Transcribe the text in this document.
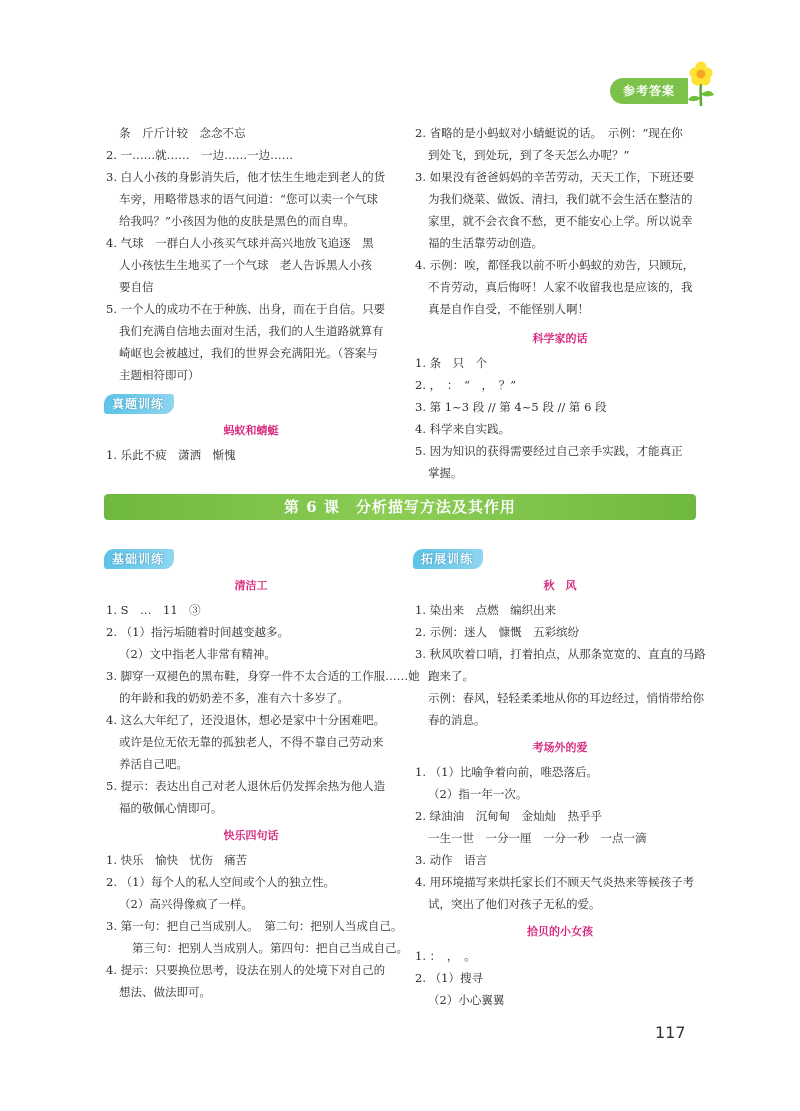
参考答案
条　斤斤计较　念念不忘
2. 一……就……　一边……一边……
3. 白人小孩的身影消失后，他才怯生生地走到老人的货
车旁，用略带恳求的语气问道：“您可以卖一个气球
给我吗？”小孩因为他的皮肤是黑色的而自卑。
4. 气球　一群白人小孩买气球并高兴地放飞追逐　黑
人小孩怯生生地买了一个气球　老人告诉黑人小孩
要自信
5. 一个人的成功不在于种族、出身，而在于自信。只要
我们充满自信地去面对生活，我们的人生道路就算有
崎岖也会被越过，我们的世界会充满阳光。（答案与
主题相符即可）
真题训练
蚂蚁和蜻蜓
1. 乐此不疲　潇洒　惭愧
2. 省略的是小蚂蚁对小蜻蜓说的话。　示例：“现在你
到处飞，到处玩，到了冬天怎么办呢？”
3. 如果没有爸爸妈妈的辛苦劳动，天天工作，下班还要
为我们烧菜、做饭、清扫，我们就不会生活在整洁的
家里，就不会衣食不愁，更不能安心上学。所以说幸
福的生活靠劳动创造。
4. 示例：唉，都怪我以前不听小蚂蚁的劝告，只顾玩，
不肯劳动，真后悔呀！人家不收留我也是应该的，我
真是自作自受，不能怪别人啊！
科学家的话
1. 条　只　个
2. ，　：　“　，　？”
3. 第 1~3 段 // 第 4~5 段 // 第 6 段
4. 科学来自实践。
5. 因为知识的获得需要经过自己亲手实践，才能真正
掌握。
第 6 课　分析描写方法及其作用
基础训练
清洁工
1. S　…　11　③
2. （1）指污垢随着时间越变越多。
（2）文中指老人非常有精神。
3. 脚穿一双褪色的黑布鞋，身穿一件不太合适的工作服……她
的年龄和我的奶奶差不多，准有六十多岁了。
4. 这么大年纪了，还没退休，想必是家中十分困难吧。
或许是位无依无靠的孤独老人，不得不靠自己劳动来
养活自己吧。
5. 提示：表达出自己对老人退休后仍发挥余热为他人造
福的敬佩心情即可。
快乐四句话
1. 快乐　愉快　忧伤　痛苦
2. （1）每个人的私人空间或个人的独立性。
（2）高兴得像疯了一样。
3. 第一句：把自己当成别人。　第二句：把别人当成自己。
第三句：把别人当成别人。第四句：把自己当成自己。
4. 提示：只要换位思考，设法在别人的处境下对自己的
想法、做法即可。
拓展训练
秋　风
1. 染出来　点燃　编织出来
2. 示例：迷人　慷慨　五彩缤纷
3. 秋风吹着口哨，打着拍点，从那条宽宽的、直直的马路
跑来了。
示例：春风，轻轻柔柔地从你的耳边经过，悄悄带给你
春的消息。
考场外的爱
1. （1）比喻争着向前，唯恐落后。
（2）指一年一次。
2. 绿油油　沉甸甸　金灿灿　热乎乎
一生一世　一分一厘　一分一秒　一点一滴
3. 动作　语言
4. 用环境描写来烘托家长们不顾天气炎热来等候孩子考
试，突出了他们对孩子无私的爱。
拾贝的小女孩
1. ：　，　。
2. （1）搜寻
（2）小心翼翼
117
